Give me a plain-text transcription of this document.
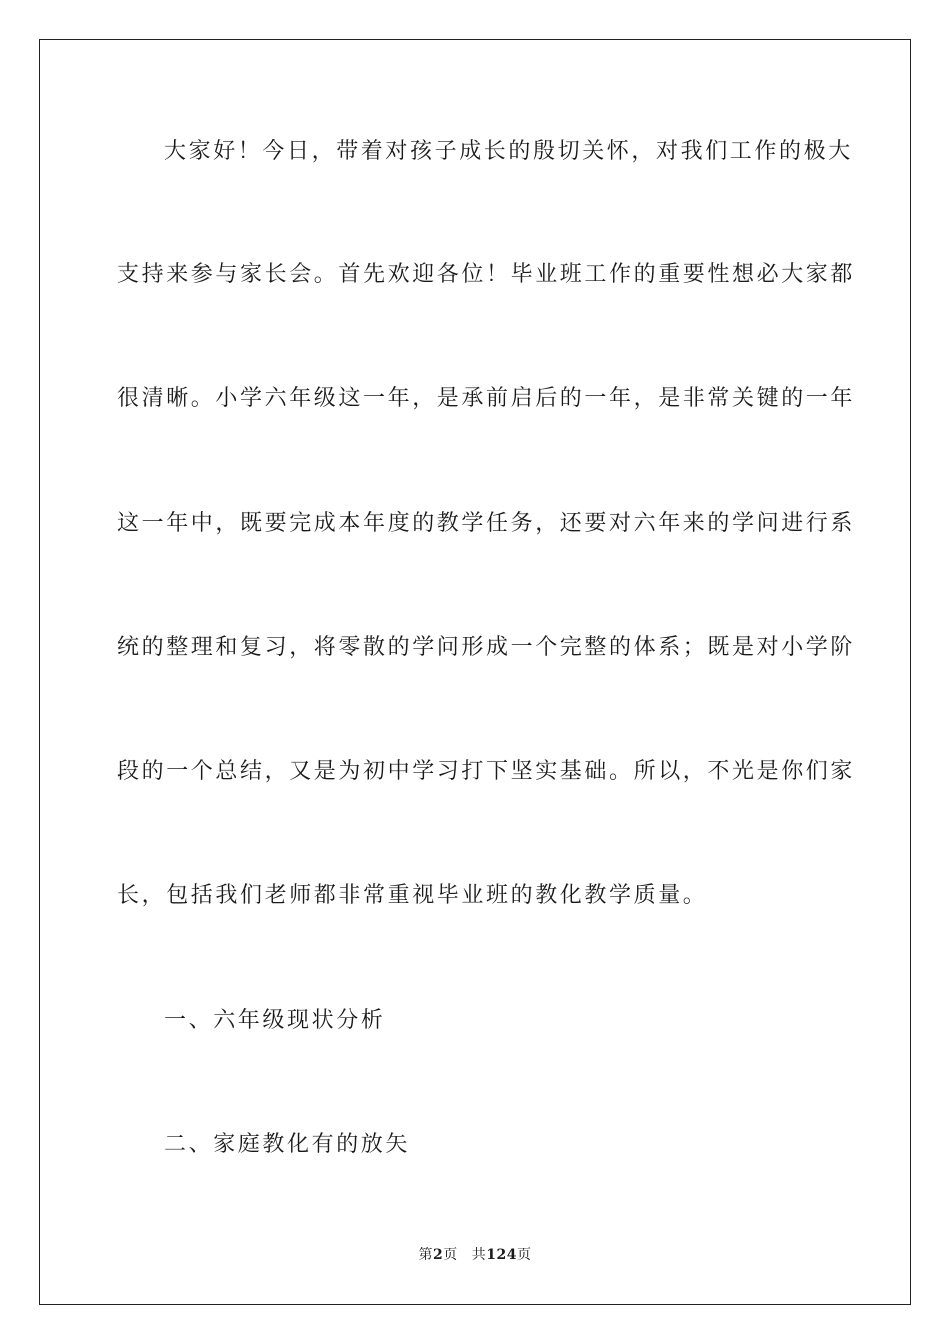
大家好！今日，带着对孩子成长的殷切关怀，对我们工作的极大
支持来参与家长会。首先欢迎各位！毕业班工作的重要性想必大家都
很清晰。小学六年级这一年，是承前启后的一年，是非常关键的一年
这一年中，既要完成本年度的教学任务，还要对六年来的学问进行系
统的整理和复习，将零散的学问形成一个完整的体系；既是对小学阶
段的一个总结，又是为初中学习打下坚实基础。所以，不光是你们家
长，包括我们老师都非常重视毕业班的教化教学质量。
一、六年级现状分析
二、家庭教化有的放矢
第2页 共124页
